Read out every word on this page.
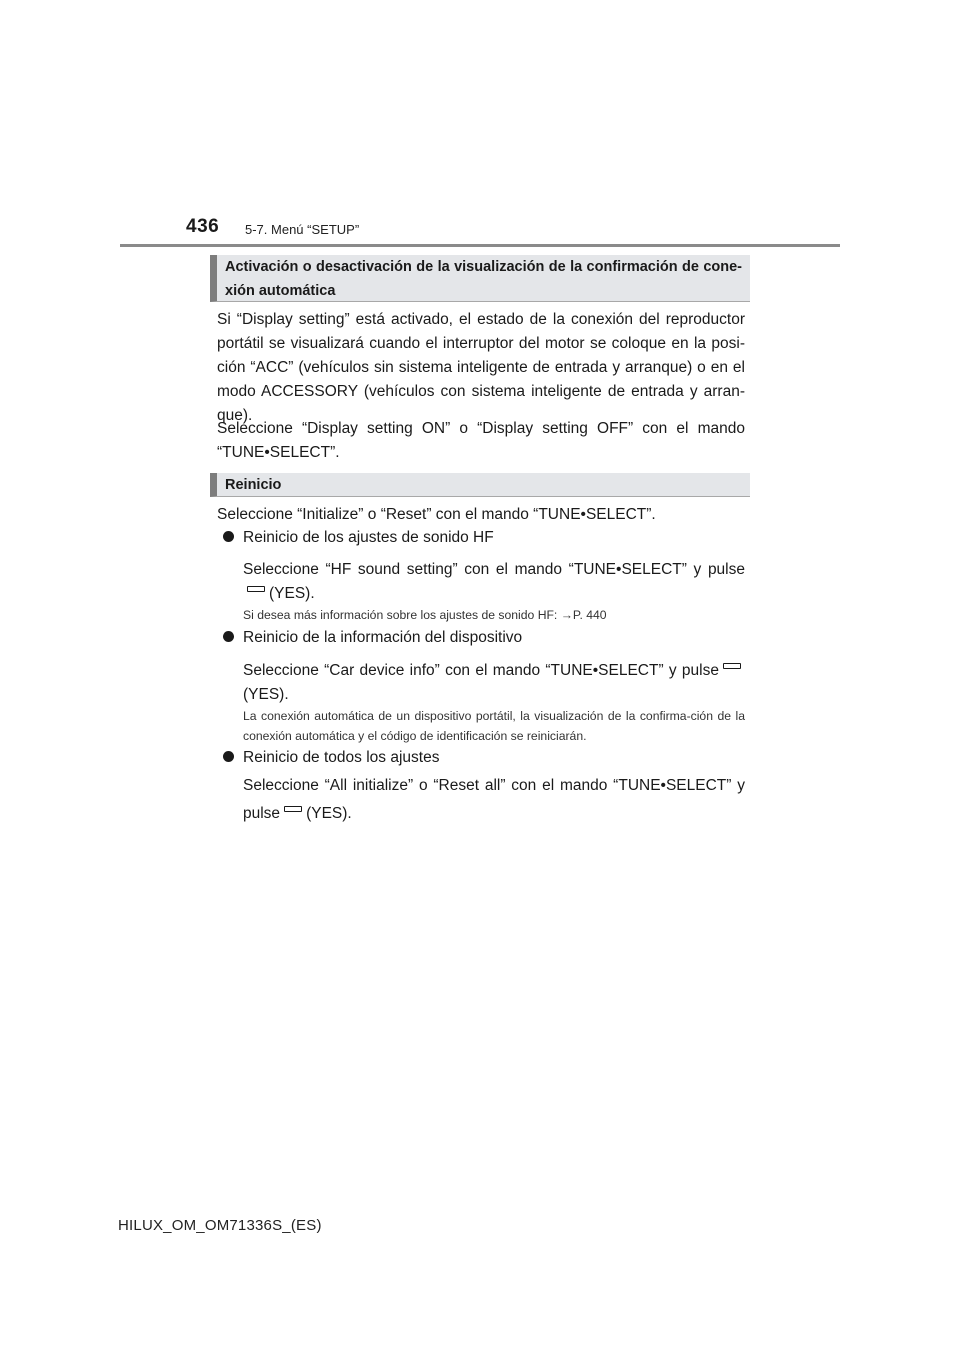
436 5-7. Menú “SETUP”
Activación o desactivación de la visualización de la confirmación de cone-xión automática
Si “Display setting” está activado, el estado de la conexión del reproductor portátil se visualizará cuando el interruptor del motor se coloque en la posi-ción “ACC” (vehículos sin sistema inteligente de entrada y arranque) o en el modo ACCESSORY (vehículos con sistema inteligente de entrada y arran-que).
Seleccione “Display setting ON” o “Display setting OFF” con el mando “TUNE•SELECT”.
Reinicio
Seleccione “Initialize” o “Reset” con el mando “TUNE•SELECT”.
Reinicio de los ajustes de sonido HF
Seleccione “HF sound setting” con el mando “TUNE•SELECT” y pulse(YES).
Si desea más información sobre los ajustes de sonido HF: →P. 440
Reinicio de la información del dispositivo
Seleccione “Car device info” con el mando “TUNE•SELECT” y pulse(YES).
La conexión automática de un dispositivo portátil, la visualización de la confirma-ción de la conexión automática y el código de identificación se reiniciarán.
Reinicio de todos los ajustes
Seleccione “All initialize” o “Reset all” con el mando “TUNE•SELECT” y pulse (YES).
HILUX_OM_OM71336S_(ES)
